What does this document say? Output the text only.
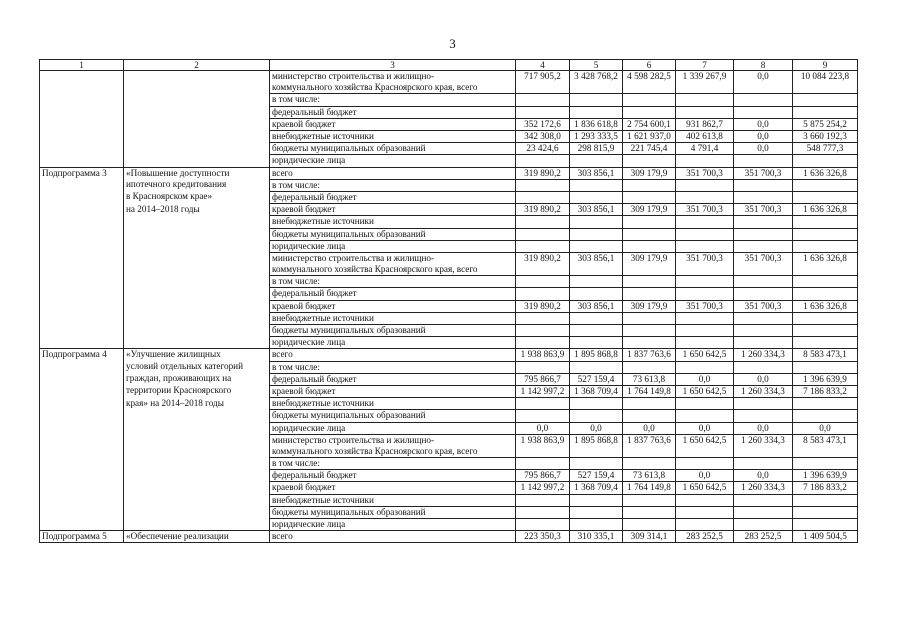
3
1	2	3	4	5	6	7	8	9
		министерство строительства и жилищно-	717 905,2	3 428 768,2	4 598 282,5	1 339 267,9	0,0	10 084 223,8
		коммунального хозяйства Красноярского края, всего						
		в том числе:						
		федеральный бюджет						
		краевой бюджет	352 172,6	1 836 618,8	2 754 600,1	931 862,7	0,0	5 875 254,2
		внебюджетные источники	342 308,0	1 293 333,5	1 621 937,0	402 613,8	0,0	3 660 192,3
		бюджеты муниципальных образований	23 424,6	298 815,9	221 745,4	4 791,4	0,0	548 777,3
		юридические лица						
Подпрограмма 3	«Повышение доступности	всего	319 890,2	303 856,1	309 179,9	351 700,3	351 700,3	1 636 326,8
	ипотечного кредитования	в том числе:						
	в Красноярском крае»	федеральный бюджет						
	на 2014–2018 годы	краевой бюджет	319 890,2	303 856,1	309 179,9	351 700,3	351 700,3	1 636 326,8
		внебюджетные источники						
		бюджеты муниципальных образований						
		юридические лица						
		министерство строительства и жилищно-	319 890,2	303 856,1	309 179,9	351 700,3	351 700,3	1 636 326,8
		коммунального хозяйства Красноярского края, всего						
		в том числе:						
		федеральный бюджет						
		краевой бюджет	319 890,2	303 856,1	309 179,9	351 700,3	351 700,3	1 636 326,8
		внебюджетные источники						
		бюджеты муниципальных образований						
		юридические лица						
Подпрограмма 4	«Улучшение жилищных	всего	1 938 863,9	1 895 868,8	1 837 763,6	1 650 642,5	1 260 334,3	8 583 473,1
	условий отдельных категорий	в том числе:						
	граждан, проживающих на	федеральный бюджет	795 866,7	527 159,4	73 613,8	0,0	0,0	1 396 639,9
	территории Красноярского	краевой бюджет	1 142 997,2	1 368 709,4	1 764 149,8	1 650 642,5	1 260 334,3	7 186 833,2
	края» на 2014–2018 годы	внебюджетные источники						
		бюджеты муниципальных образований						
		юридические лица	0,0	0,0	0,0	0,0	0,0	0,0
		министерство строительства и жилищно-	1 938 863,9	1 895 868,8	1 837 763,6	1 650 642,5	1 260 334,3	8 583 473,1
		коммунального хозяйства Красноярского края, всего						
		в том числе:						
		федеральный бюджет	795 866,7	527 159,4	73 613,8	0,0	0,0	1 396 639,9
		краевой бюджет	1 142 997,2	1 368 709,4	1 764 149,8	1 650 642,5	1 260 334,3	7 186 833,2
		внебюджетные источники						
		бюджеты муниципальных образований						
		юридические лица						
Подпрограмма 5	«Обеспечение реализации	всего	223 350,3	310 335,1	309 314,1	283 252,5	283 252,5	1 409 504,5
